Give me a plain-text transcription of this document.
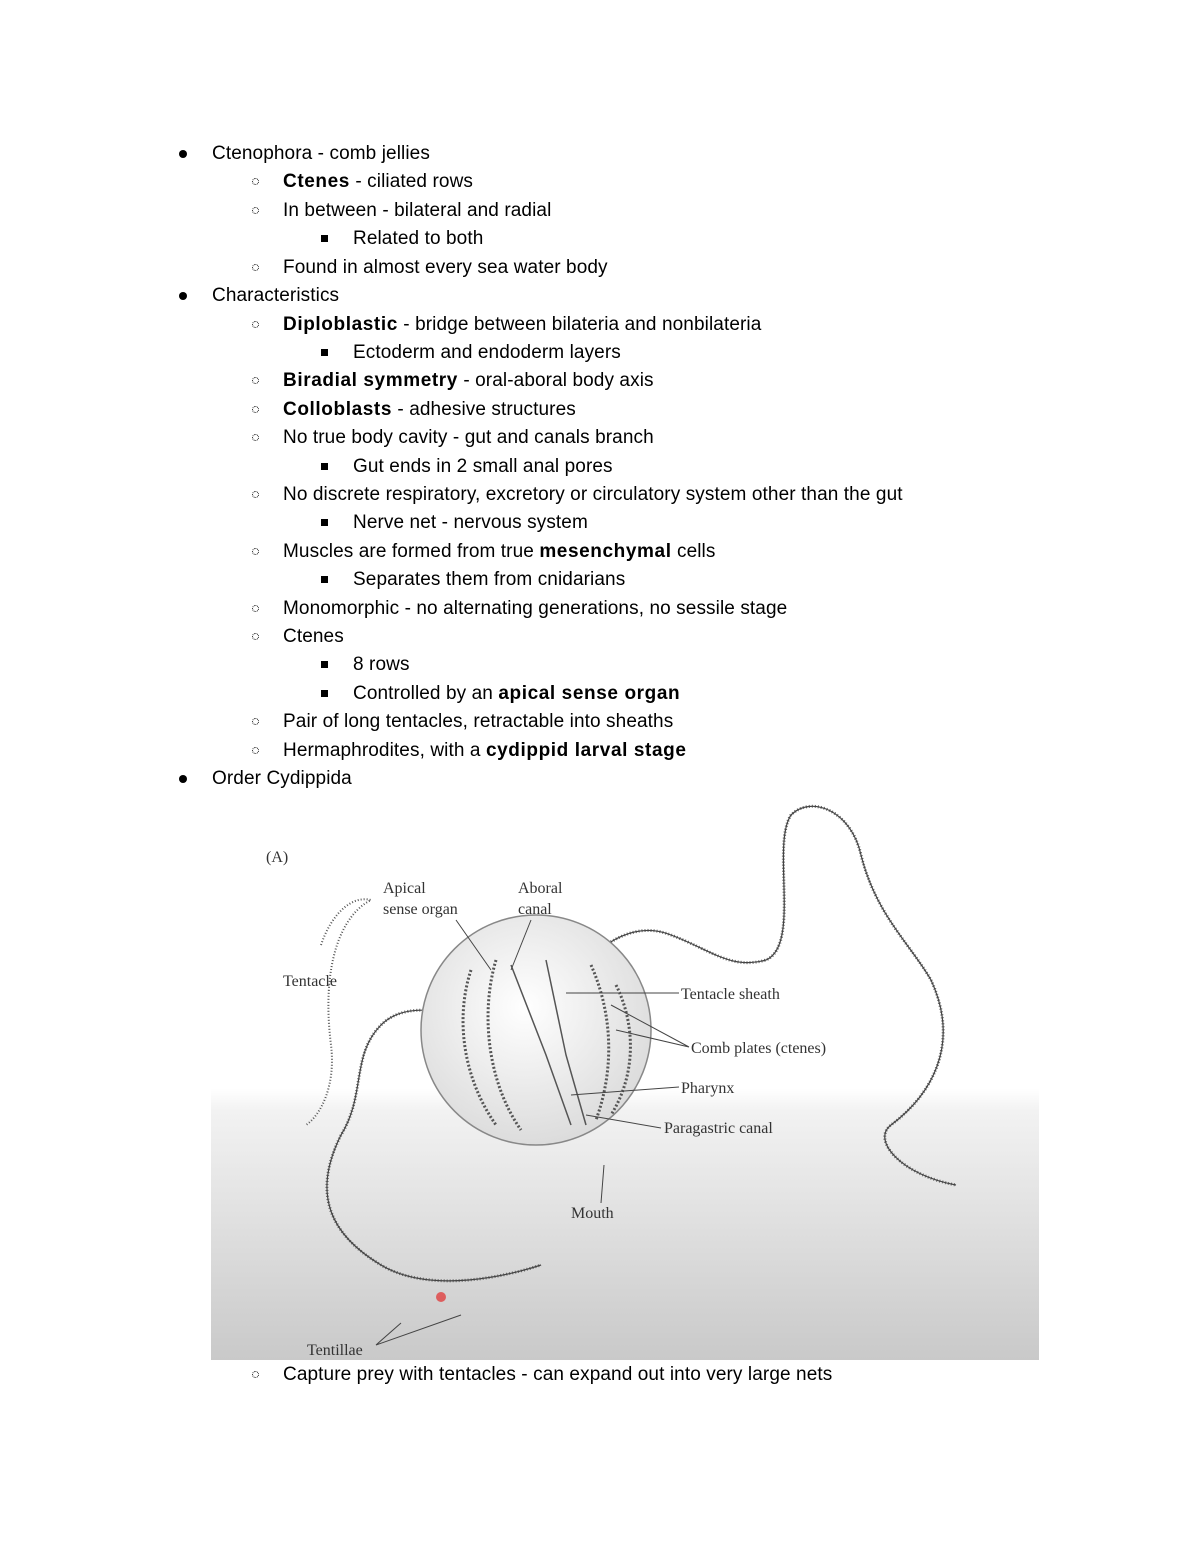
Ctenophora - comb jellies
Ctenes - ciliated rows
In between - bilateral and radial
Related to both
Found in almost every sea water body
Characteristics
Diploblastic - bridge between bilateria and nonbilateria
Ectoderm and endoderm layers
Biradial symmetry - oral-aboral body axis
Colloblasts - adhesive structures
No true body cavity - gut and canals branch
Gut ends in 2 small anal pores
No discrete respiratory, excretory or circulatory system other than the gut
Nerve net - nervous system
Muscles are formed from true mesenchymal cells
Separates them from cnidarians
Monomorphic - no alternating generations, no sessile stage
Ctenes
8 rows
Controlled by an apical sense organ
Pair of long tentacles, retractable into sheaths
Hermaphrodites, with a cydippid larval stage
Order Cydippida
(A)
Apical
sense organ
Aboral
canal
Tentacle
Tentacle sheath
Comb plates (ctenes)
Pharynx
Paragastric canal
Mouth
Tentillae
Capture prey with tentacles - can expand out into very large nets
